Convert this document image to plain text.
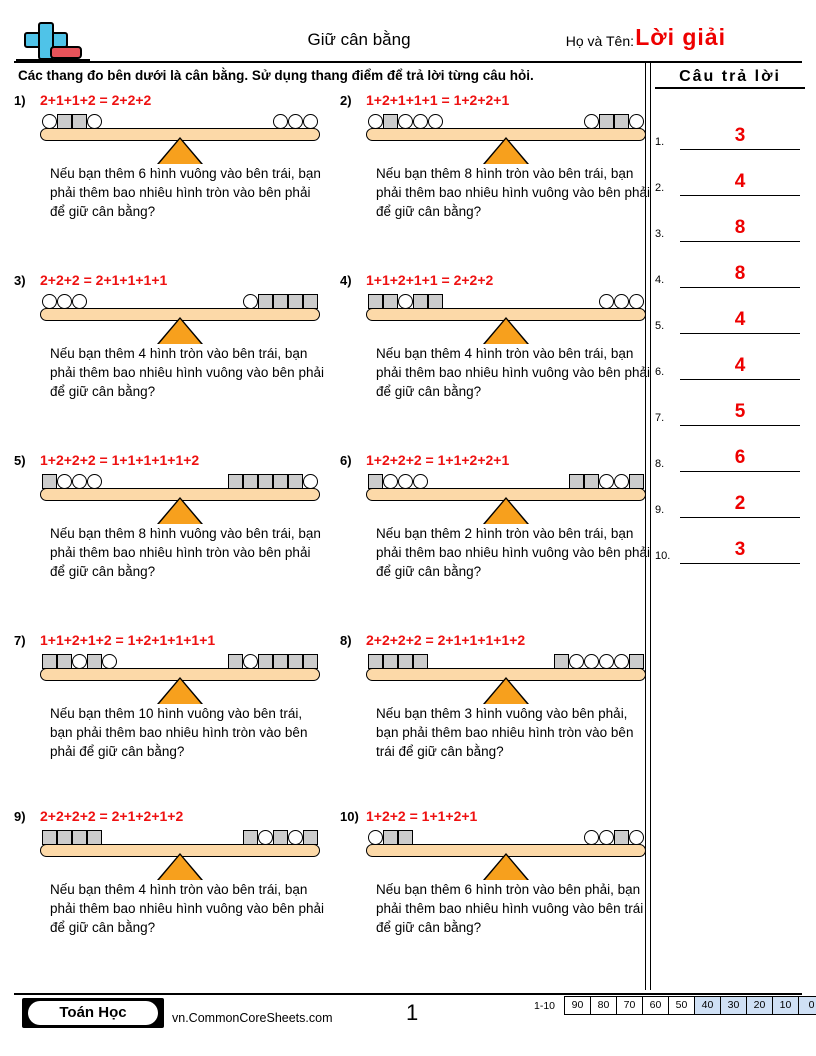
Giữ cân bằng	Họ và Tên: Lời giải
Các thang đo bên dưới là cân bằng. Sử dụng thang điểm để trả lời từng câu hỏi.	Câu trả lời
1.	3
2.	4
3.	8
4.	8
5.	4
6.	4
7.	5
8.	6
9.	2
10.	3
1) 2+1+1+2 = 2+2+2
Nếu bạn thêm 6 hình vuông vào bên trái, bạn phải thêm bao nhiêu hình tròn vào bên phải để giữ cân bằng?
2) 1+2+1+1+1 = 1+2+2+1
Nếu bạn thêm 8 hình tròn vào bên trái, bạn phải thêm bao nhiêu hình vuông vào bên phải để giữ cân bằng?
3) 2+2+2 = 2+1+1+1+1
Nếu bạn thêm 4 hình tròn vào bên trái, bạn phải thêm bao nhiêu hình vuông vào bên phải để giữ cân bằng?
4) 1+1+2+1+1 = 2+2+2
Nếu bạn thêm 4 hình tròn vào bên trái, bạn phải thêm bao nhiêu hình vuông vào bên phải để giữ cân bằng?
5) 1+2+2+2 = 1+1+1+1+1+2
Nếu bạn thêm 8 hình vuông vào bên trái, bạn phải thêm bao nhiêu hình tròn vào bên phải để giữ cân bằng?
6) 1+2+2+2 = 1+1+2+2+1
Nếu bạn thêm 2 hình tròn vào bên trái, bạn phải thêm bao nhiêu hình vuông vào bên phải để giữ cân bằng?
7) 1+1+2+1+2 = 1+2+1+1+1+1
Nếu bạn thêm 10 hình vuông vào bên trái, bạn phải thêm bao nhiêu hình tròn vào bên phải để giữ cân bằng?
8) 2+2+2+2 = 2+1+1+1+1+2
Nếu bạn thêm 3 hình vuông vào bên phải, bạn phải thêm bao nhiêu hình tròn vào bên trái để giữ cân bằng?
9) 2+2+2+2 = 2+1+2+1+2
Nếu bạn thêm 4 hình tròn vào bên trái, bạn phải thêm bao nhiêu hình vuông vào bên phải để giữ cân bằng?
10) 1+2+2 = 1+1+2+1
Nếu bạn thêm 6 hình tròn vào bên phải, bạn phải thêm bao nhiêu hình vuông vào bên trái để giữ cân bằng?
Toán Học	vn.CommonCoreSheets.com	1	1-10	90	80	70	60	50	40	30	20	10	0
